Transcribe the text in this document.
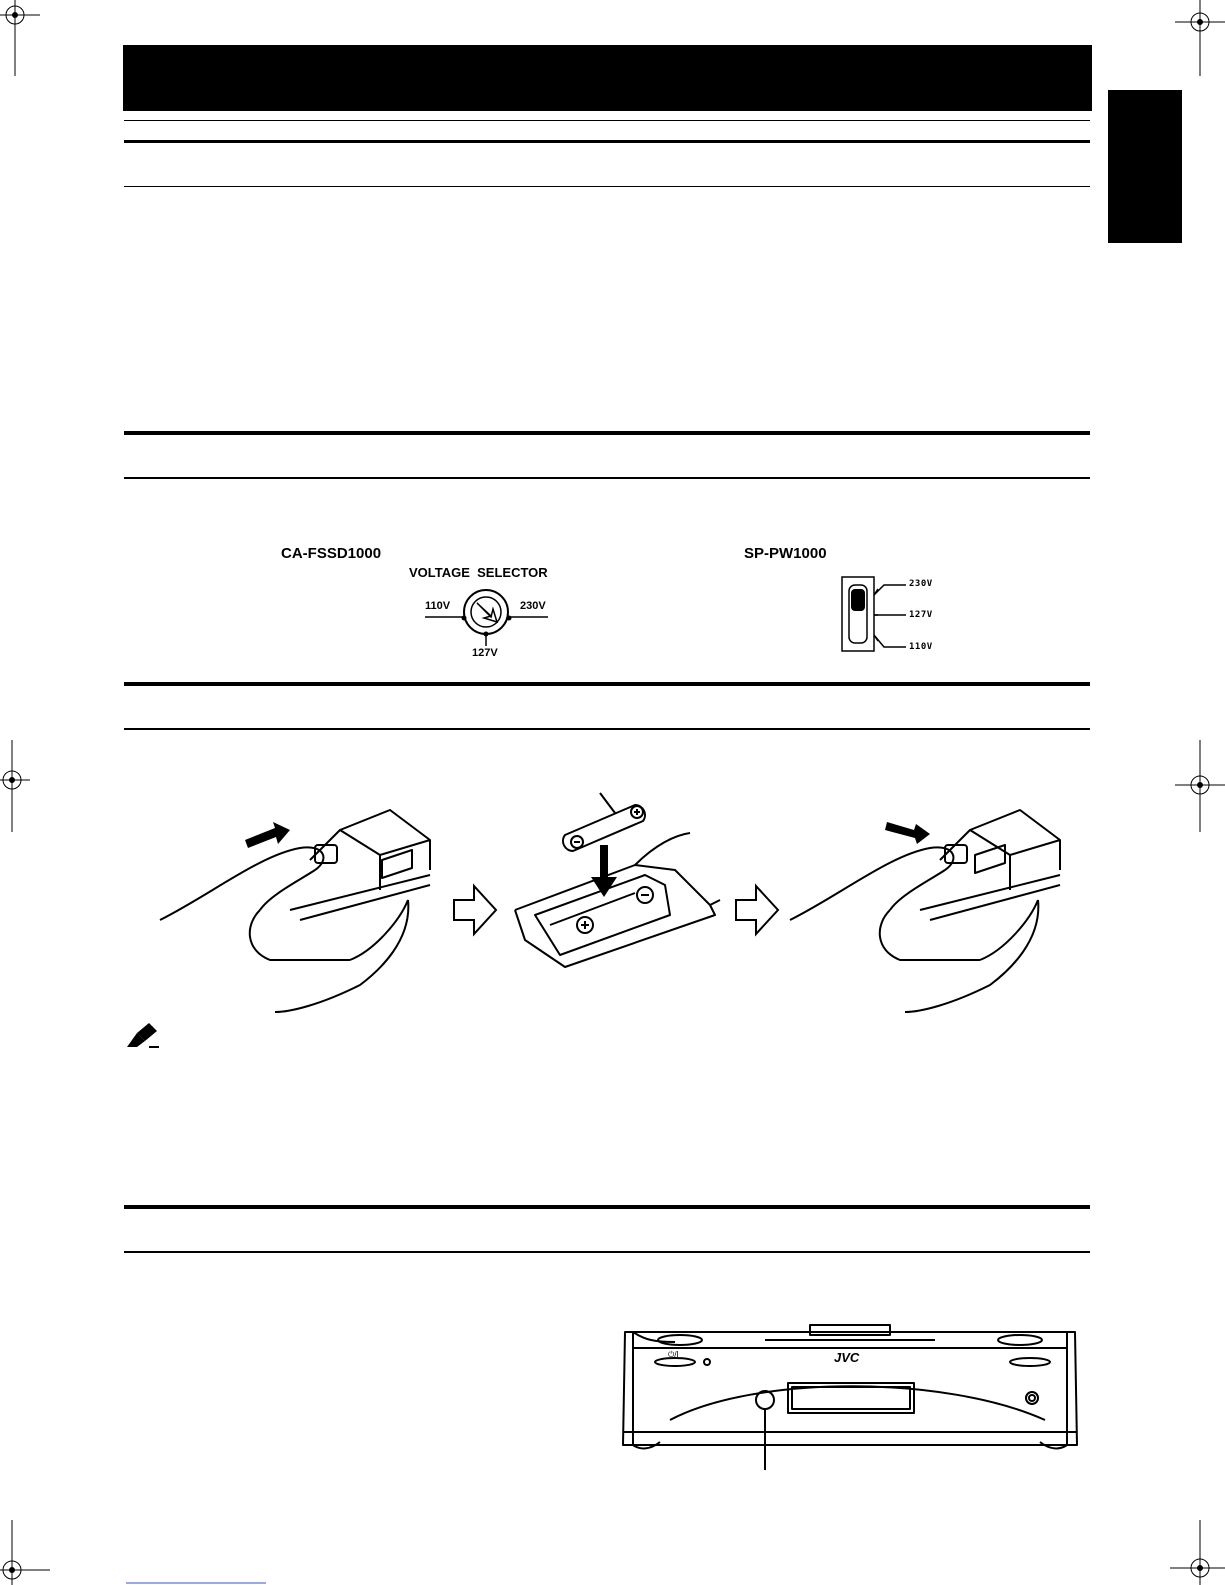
CA-FSSD1000
VOLTAGE  SELECTOR
110V	230V
127V
SP-PW1000
230V
127V
110V
JVC
⏻/I
